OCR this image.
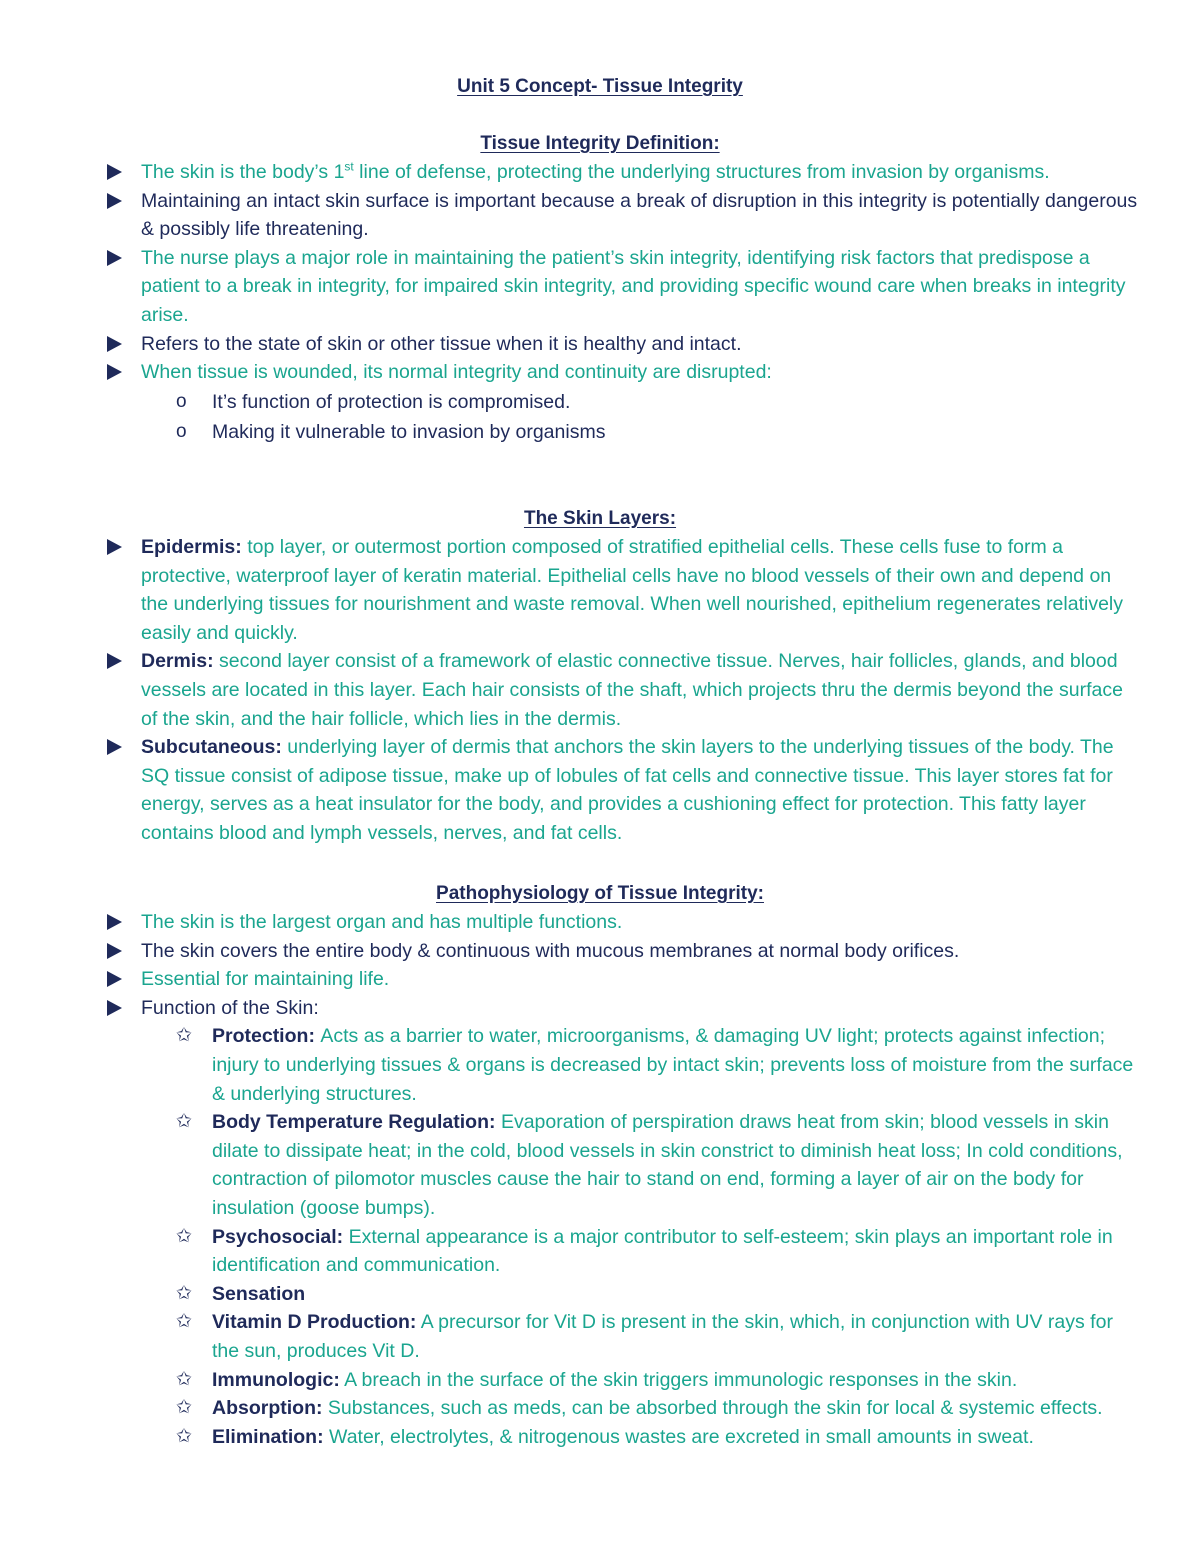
Unit 5 Concept- Tissue Integrity
Tissue Integrity Definition:
The skin is the body’s 1st line of defense, protecting the underlying structures from invasion by organisms.
Maintaining an intact skin surface is important because a break of disruption in this integrity is potentially dangerous & possibly life threatening.
The nurse plays a major role in maintaining the patient’s skin integrity, identifying risk factors that predispose a patient to a break in integrity, for impaired skin integrity, and providing specific wound care when breaks in integrity arise.
Refers to the state of skin or other tissue when it is healthy and intact.
When tissue is wounded, its normal integrity and continuity are disrupted:
o It’s function of protection is compromised.
o Making it vulnerable to invasion by organisms
The Skin Layers:
Epidermis: top layer, or outermost portion composed of stratified epithelial cells. These cells fuse to form a protective, waterproof layer of keratin material. Epithelial cells have no blood vessels of their own and depend on the underlying tissues for nourishment and waste removal. When well nourished, epithelium regenerates relatively easily and quickly.
Dermis: second layer consist of a framework of elastic connective tissue. Nerves, hair follicles, glands, and blood vessels are located in this layer. Each hair consists of the shaft, which projects thru the dermis beyond the surface of the skin, and the hair follicle, which lies in the dermis.
Subcutaneous: underlying layer of dermis that anchors the skin layers to the underlying tissues of the body. The SQ tissue consist of adipose tissue, make up of lobules of fat cells and connective tissue. This layer stores fat for energy, serves as a heat insulator for the body, and provides a cushioning effect for protection. This fatty layer contains blood and lymph vessels, nerves, and fat cells.
Pathophysiology of Tissue Integrity:
The skin is the largest organ and has multiple functions.
The skin covers the entire body & continuous with mucous membranes at normal body orifices.
Essential for maintaining life.
Function of the Skin:
✩ Protection: Acts as a barrier to water, microorganisms, & damaging UV light; protects against infection; injury to underlying tissues & organs is decreased by intact skin; prevents loss of moisture from the surface & underlying structures.
✩ Body Temperature Regulation: Evaporation of perspiration draws heat from skin; blood vessels in skin dilate to dissipate heat; in the cold, blood vessels in skin constrict to diminish heat loss; In cold conditions, contraction of pilomotor muscles cause the hair to stand on end, forming a layer of air on the body for insulation (goose bumps).
✩ Psychosocial: External appearance is a major contributor to self-esteem; skin plays an important role in identification and communication.
✩ Sensation
✩ Vitamin D Production: A precursor for Vit D is present in the skin, which, in conjunction with UV rays for the sun, produces Vit D.
✩ Immunologic: A breach in the surface of the skin triggers immunologic responses in the skin.
✩ Absorption: Substances, such as meds, can be absorbed through the skin for local & systemic effects.
✩ Elimination: Water, electrolytes, & nitrogenous wastes are excreted in small amounts in sweat.
